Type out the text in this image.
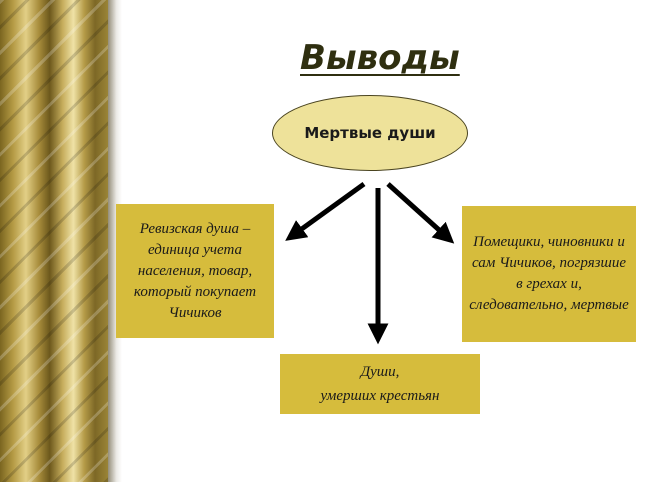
Выводы
Мертвые души
Ревизская душа –единица учета населения, товар, который покупает Чичиков
Помещики, чиновники и сам Чичиков, погрязшие в грехах и, следовательно, мертвые
Души,
умерших крестьян
